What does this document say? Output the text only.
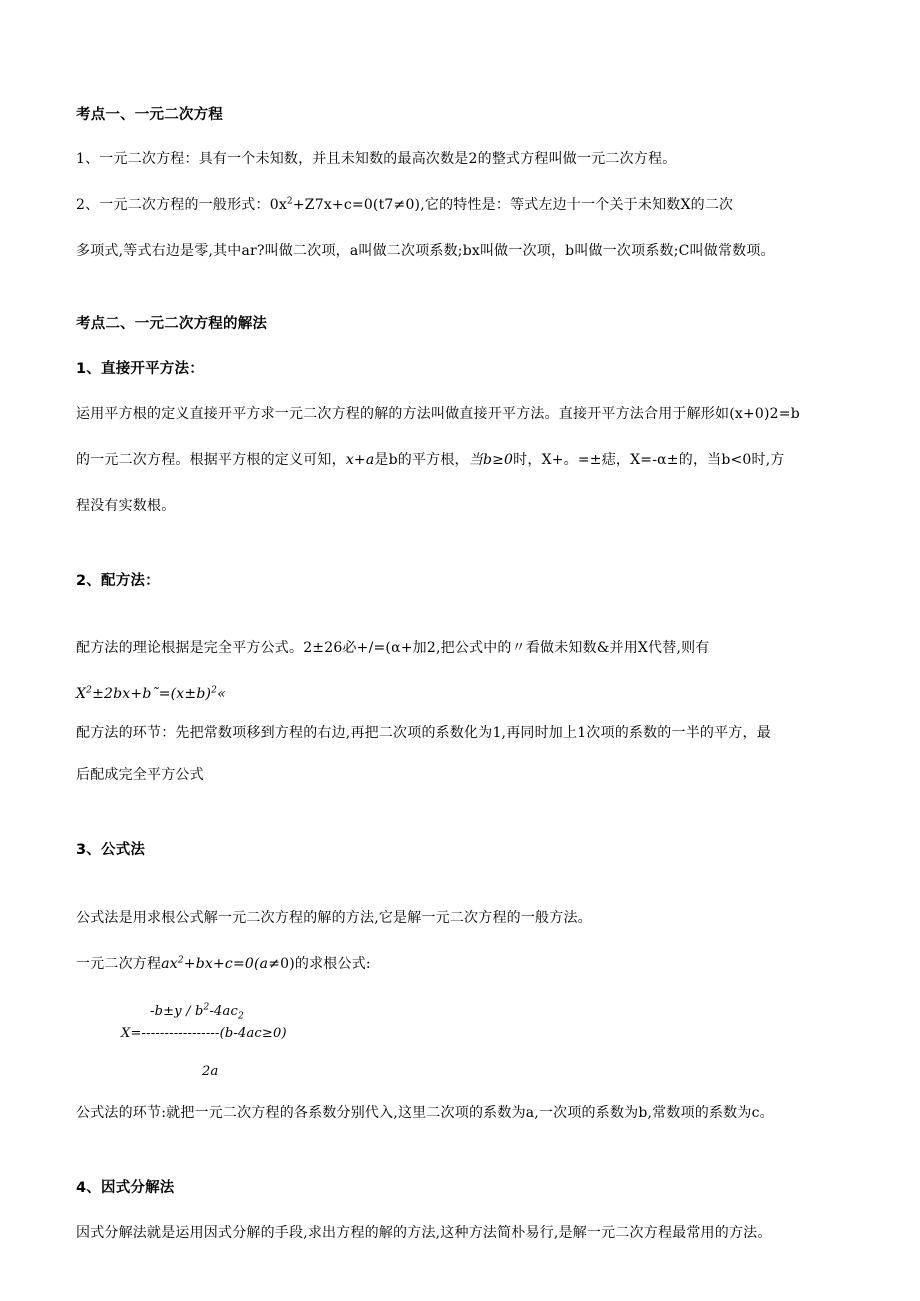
考点一、一元二次方程
1、一元二次方程：具有一个未知数，并且未知数的最高次数是2的整式方程叫做一元二次方程。
2、一元二次方程的一般形式：$0x^2+Z7x+c=0(t7\ne 0)$,它的特性是：等式左边十一个关于未知数X的二次
多项式,等式右边是零,其中ar?叫做二次项，a叫做二次项系数;bx叫做一次项，b叫做一次项系数;C叫做常数项。
考点二、一元二次方程的解法
1、直接开平方法：
运用平方根的定义直接开平方求一元二次方程的解的方法叫做直接开平方法。直接开平方法合用于解形如(x+0)2=b
的一元二次方程。根据平方根的定义可知，x+a是b的平方根，当b≥0时，X+。=±痣，X=-α±的，当b<0时,方
程没有实数根。
2、配方法：
配方法的理论根据是完全平方公式。2±26必+/=(α+加2,把公式中的〃看做未知数&并用X代替,则有
$X^2\pm 2bx+b˜=(x\pm b)^2«$
配方法的环节：先把常数项移到方程的右边,再把二次项的系数化为1,再同时加上1次项的系数的一半的平方，最
后配成完全平方公式
3、公式法
公式法是用求根公式解一元二次方程的解的方法,它是解一元二次方程的一般方法。
一元二次方程$ax^2+bx+c=0(a\ne 0)$的求根公式:
$-b\pm y / b^2-4ac_2$
X=-----------------(b-4ac≥0)
2a
公式法的环节:就把一元二次方程的各系数分别代入,这里二次项的系数为a,一次项的系数为b,常数项的系数为c。
4、因式分解法
因式分解法就是运用因式分解的手段,求出方程的解的方法,这种方法简朴易行,是解一元二次方程最常用的方法。
